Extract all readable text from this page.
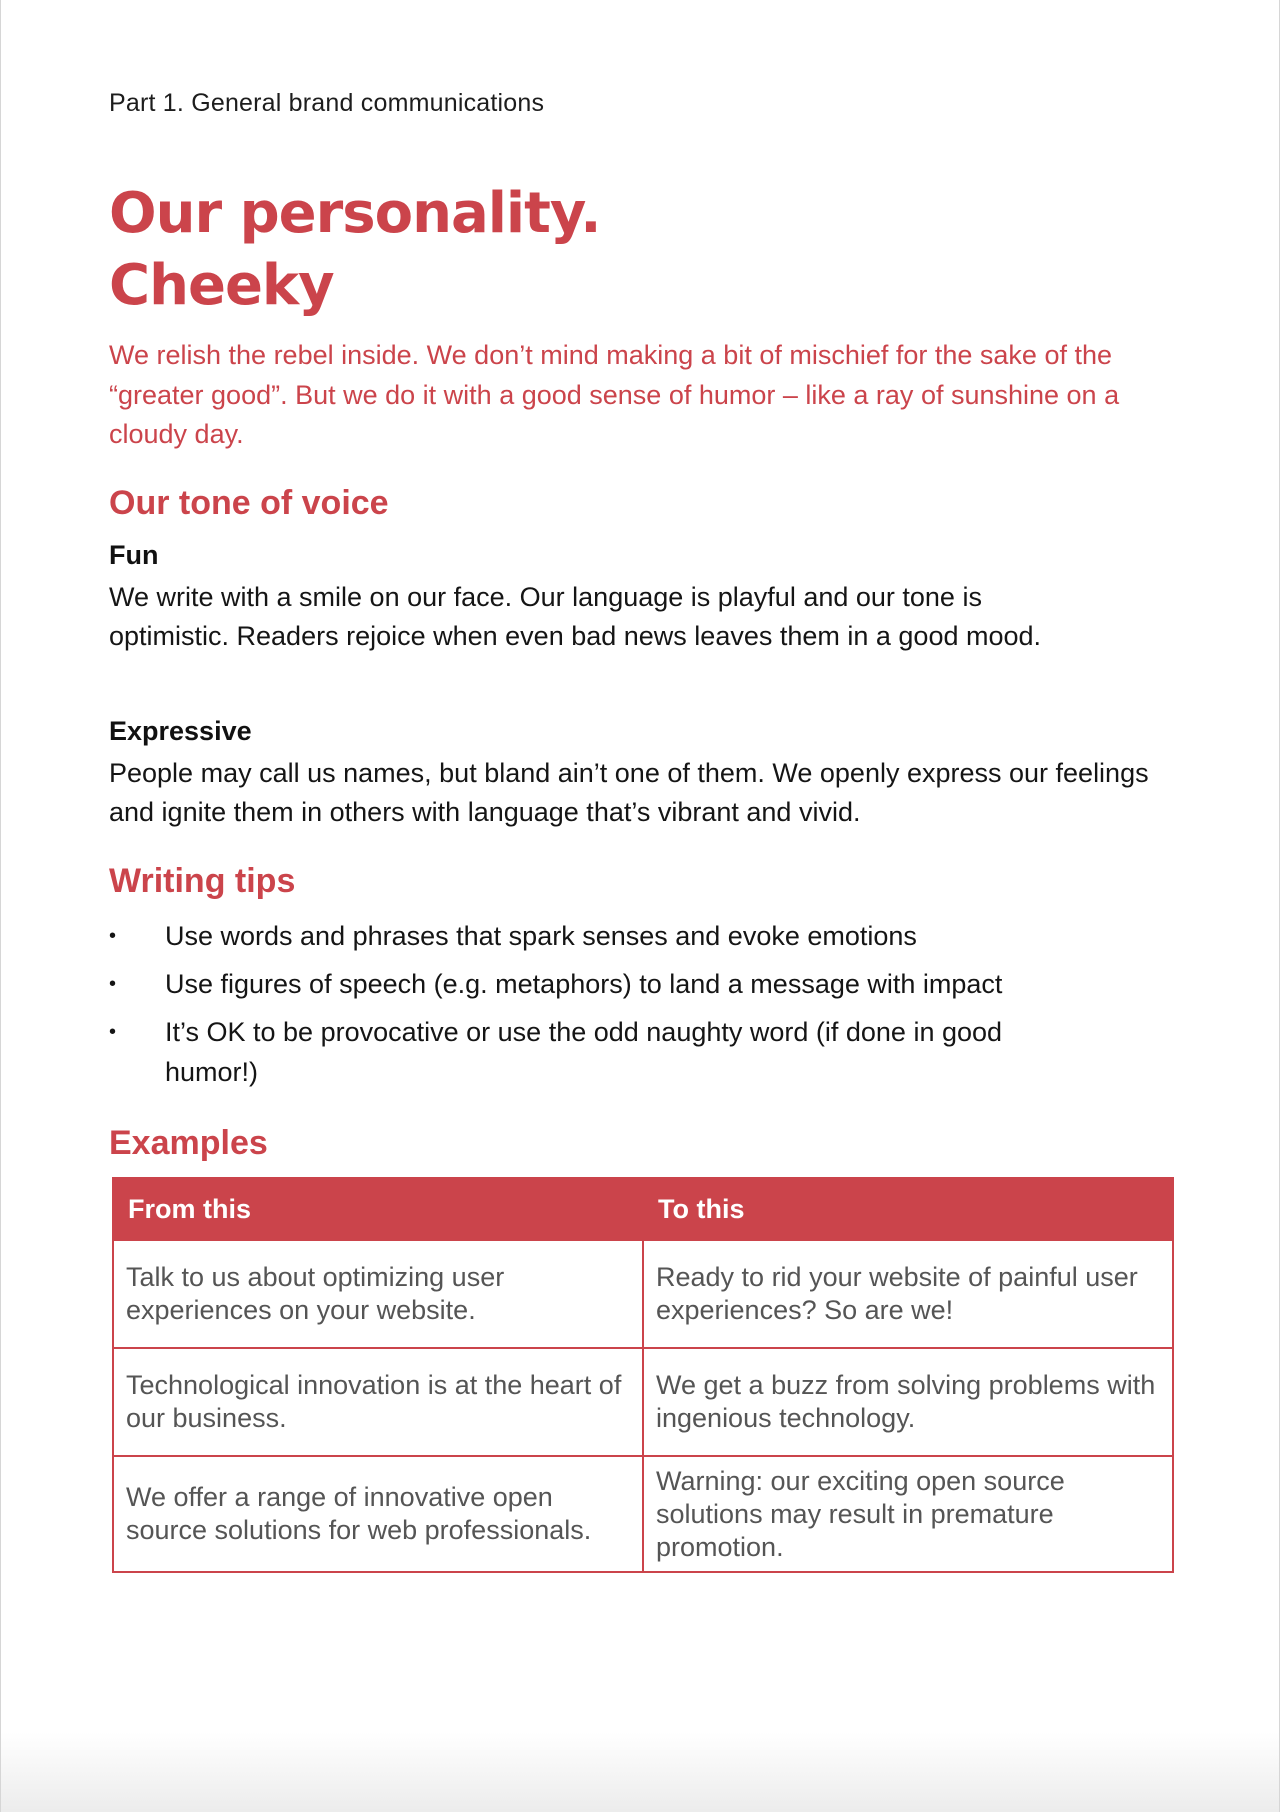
Part 1. General brand communications
Our personality.
Cheeky

We relish the rebel inside. We don’t mind making a bit of mischief for the sake of the “greater good”. But we do it with a good sense of humor – like a ray of sunshine on a cloudy day.

Our tone of voice
Fun

We write with a smile on our face. Our language is playful and our tone is optimistic. Readers rejoice when even bad news leaves them in a good mood.

Expressive

People may call us names, but bland ain’t one of them. We openly express our feelings and ignite them in others with language that’s vibrant and vivid.

Writing tips
• Use words and phrases that spark senses and evoke emotions
• Use figures of speech (e.g. metaphors) to land a message with impact
• It’s OK to be provocative or use the odd naughty word (if done in good humor!)
Examples
From this	To this
Talk to us about optimizing user experiences on your website.	Ready to rid your website of painful user experiences? So are we!
Technological innovation is at the heart of our business.	We get a buzz from solving problems with ingenious technology.
We offer a range of innovative open source solutions for web professionals.	Warning: our exciting open source solutions may result in premature promotion.
